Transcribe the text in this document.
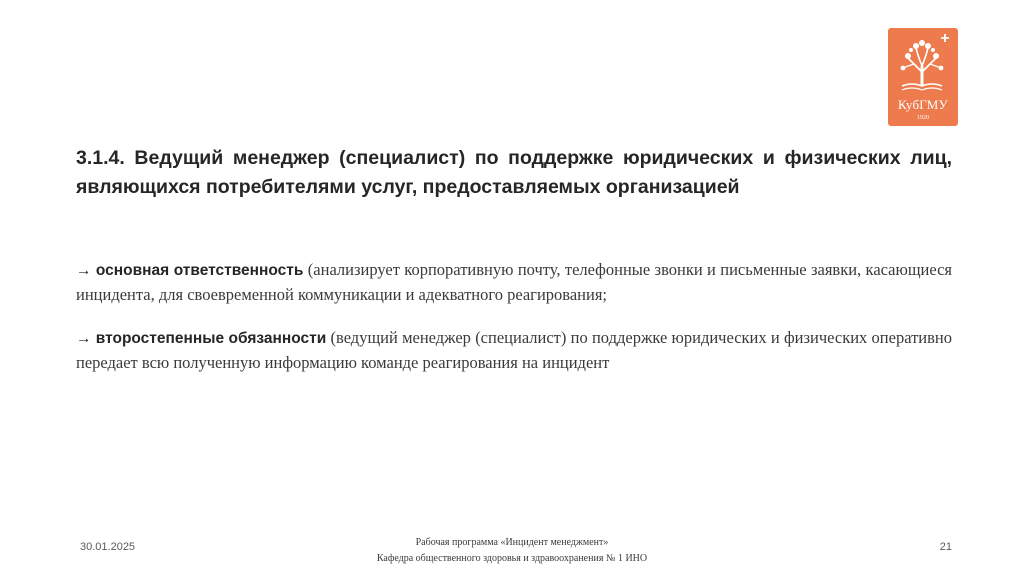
КубГМУ
1920
3.1.4. Ведущий менеджер (специалист) по поддержке юридических и физических лиц, являющихся потребителями услуг, предоставляемых организацией

→ основная ответственность (анализирует корпоративную почту, телефонные звонки и письменные заявки, касающиеся инцидента, для своевременной коммуникации и адекватного реагирования;

→ второстепенные обязанности (ведущий менеджер (специалист) по поддержке юридических и физических оперативно передает всю полученную информацию команде реагирования на инцидент

30.01.2025	Рабочая программа «Инцидент менеджмент»
Кафедра общественного здоровья и здравоохранения № 1 ИНО
21
